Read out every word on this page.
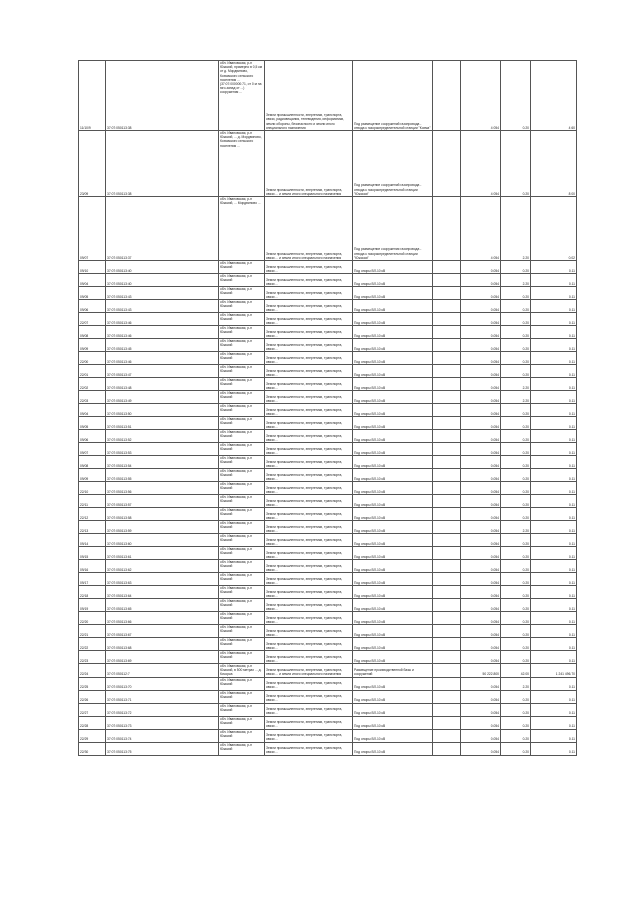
11/10/9	37:07:050113:38	обл. Ивановская, р-н Южский, примерно в 0,5 км от д. Мордвиново, Кохмаского сельского поселения ... (37:07:000000:71, от 0 м на юго-запад от ...) сооружения ...	Земли промышленности, энергетики, транспорта, связи, радиовещания, телевидения, информатики, земли обороны, безопасности и земли иного специального назначения	Под размещение сооружений газопровода - отвода к газораспределительной станции "Кохма"		4 054	0.20	4 60
23/09	37:07:050113:38	обл. Ивановская, р-н Южский, ... д. Мордвиново, Кохмаского сельского поселения ...	Земли промышленности, энергетики, транспорта, связи ... и земли иного специального назначения	Под размещение сооружений газопровода - отвода к газораспределительной станции "Южская"		4 054	0.20	8 00
09/07	37:07:050113:37	обл. Ивановская, р-н Южский, ... Мордвиново ...	Земли промышленности, энергетики, транспорта, связи ... и земли иного специального назначения	Под размещение сооружения газопровода - отвода к газораспределительной станции "Южская"		4 054	2.20	0.02
09/10	37:07:050113:40	обл. Ивановская, р-н Южский	Земли промышленности, энергетики, транспорта, связи ...	Под опоры ВЛ-10 кВ		0.054	0.20	0.11
09/04	37:07:050113:40	обл. Ивановская, р-н Южский	Земли промышленности, энергетики, транспорта, связи ...	Под опоры ВЛ-10 кВ		0.054	2.20	0.11
09/05	37:07:050113:43	обл. Ивановская, р-н Южский	Земли промышленности, энергетики, транспорта, связи ...	Под опоры ВЛ-10 кВ		0.054	0.20	0.11
09/06	37:07:050113:43	обл. Ивановская, р-н Южский	Земли промышленности, энергетики, транспорта, связи ...	Под опоры ВЛ-10 кВ		0.054	0.20	0.11
22/07	37:07:050113:46	обл. Ивановская, р-н Южский	Земли промышленности, энергетики, транспорта, связи ...	Под опоры ВЛ-10 кВ		0.054	0.20	0.11
09/08	37:07:050113:46	обл. Ивановская, р-н Южский	Земли промышленности, энергетики, транспорта, связи ...	Под опоры ВЛ-10 кВ		0.054	0.20	0.11
09/09	37:07:050113:45	обл. Ивановская, р-н Южский	Земли промышленности, энергетики, транспорта, связи ...	Под опоры ВЛ-10 кВ		0.054	0.20	0.11
22/00	37:07:050113:46	обл. Ивановская, р-н Южский	Земли промышленности, энергетики, транспорта, связи ...	Под опоры ВЛ-10 кВ		0.054	0.20	0.11
22/01	37:07:050113:47	обл. Ивановская, р-н Южский	Земли промышленности, энергетики, транспорта, связи ...	Под опоры ВЛ-10 кВ		0.054	0.20	0.11
22/02	37:07:050113:48	обл. Ивановская, р-н Южский	Земли промышленности, энергетики, транспорта, связи ...	Под опоры ВЛ-10 кВ		0.054	2.20	0.11
22/03	37:07:050113:49	обл. Ивановская, р-н Южский	Земли промышленности, энергетики, транспорта, связи ...	Под опоры ВЛ-10 кВ		0.054	2.20	0.11
09/04	37:07:050113:50	обл. Ивановская, р-н Южский	Земли промышленности, энергетики, транспорта, связи ...	Под опоры ВЛ-10 кВ		0.054	0.20	0.11
09/05	37:07:050113:51	обл. Ивановская, р-н Южский	Земли промышленности, энергетики, транспорта, связи ...	Под опоры ВЛ-10 кВ		0.054	0.20	0.11
09/06	37:07:050113:52	обл. Ивановская, р-н Южский	Земли промышленности, энергетики, транспорта, связи ...	Под опоры ВЛ-10 кВ		0.054	0.20	0.11
09/07	37:07:050113:53	обл. Ивановская, р-н Южский	Земли промышленности, энергетики, транспорта, связи ...	Под опоры ВЛ-10 кВ		0.054	0.20	0.11
09/08	37:07:050113:54	обл. Ивановская, р-н Южский	Земли промышленности, энергетики, транспорта, связи ...	Под опоры ВЛ-10 кВ		0.054	0.20	0.11
09/09	37:07:050113:55	обл. Ивановская, р-н Южский	Земли промышленности, энергетики, транспорта, связи ...	Под опоры ВЛ-10 кВ		0.054	0.20	0.11
22/10	37:07:050113:56	обл. Ивановская, р-н Южский	Земли промышленности, энергетики, транспорта, связи ...	Под опоры ВЛ-10 кВ		0.054	0.20	0.11
22/11	37:07:050113:57	обл. Ивановская, р-н Южский	Земли промышленности, энергетики, транспорта, связи ...	Под опоры ВЛ-10 кВ		0.054	0.20	0.11
22/12	37:07:050113:58	обл. Ивановская, р-н Южский	Земли промышленности, энергетики, транспорта, связи ...	Под опоры ВЛ-10 кВ		0.054	0.20	0.11
22/13	37:07:050113:59	обл. Ивановская, р-н Южский	Земли промышленности, энергетики, транспорта, связи ...	Под опоры ВЛ-10 кВ		0.054	2.20	0.11
09/14	37:07:050113:60	обл. Ивановская, р-н Южский	Земли промышленности, энергетики, транспорта, связи ...	Под опоры ВЛ-10 кВ		0.054	0.20	0.11
09/15	37:07:050113:61	обл. Ивановская, р-н Южский	Земли промышленности, энергетики, транспорта, связи ...	Под опоры ВЛ-10 кВ		0.054	0.20	0.11
09/16	37:07:050113:62	обл. Ивановская, р-н Южский	Земли промышленности, энергетики, транспорта, связи ...	Под опоры ВЛ-10 кВ		0.054	0.20	0.11
09/17	37:07:050113:63	обл. Ивановская, р-н Южский	Земли промышленности, энергетики, транспорта, связи ...	Под опоры ВЛ-10 кВ		0.054	0.20	0.11
22/18	37:07:050113:64	обл. Ивановская, р-н Южский	Земли промышленности, энергетики, транспорта, связи ...	Под опоры ВЛ-10 кВ		0.054	0.20	0.11
09/19	37:07:050113:65	обл. Ивановская, р-н Южский	Земли промышленности, энергетики, транспорта, связи ...	Под опоры ВЛ-10 кВ		0.054	0.20	0.11
22/20	37:07:050113:66	обл. Ивановская, р-н Южский	Земли промышленности, энергетики, транспорта, связи ...	Под опоры ВЛ-10 кВ		0.054	0.20	0.11
22/21	37:07:050113:67	обл. Ивановская, р-н Южский	Земли промышленности, энергетики, транспорта, связи ...	Под опоры ВЛ-10 кВ		0.054	0.20	0.11
22/22	37:07:050113:68	обл. Ивановская, р-н Южский	Земли промышленности, энергетики, транспорта, связи ...	Под опоры ВЛ-10 кВ		0.054	0.20	0.11
22/23	37:07:050113:69	обл. Ивановская, р-н Южский	Земли промышленности, энергетики, транспорта, связи ...	Под опоры ВЛ-10 кВ		0.054	0.20	0.11
22/24	37:07:050112:7	обл. Ивановская, р-н Южский, в 500 метрах ... д. Кочорка	Земли промышленности, энергетики, транспорта, связи ... и земли иного специального назначения	Размещение производственной базы и сооружений		50 222.800	42.00	1 241 496.70
22/25	37:07:050113:70	обл. Ивановская, р-н Южский	Земли промышленности, энергетики, транспорта, связи ...	Под опоры ВЛ-10 кВ		0.054	2.20	0.11
22/26	37:07:050113:71	обл. Ивановская, р-н Южский	Земли промышленности, энергетики, транспорта, связи ...	Под опоры ВЛ-10 кВ		0.054	0.20	0.11
22/27	37:07:050113:72	обл. Ивановская, р-н Южский	Земли промышленности, энергетики, транспорта, связи ...	Под опоры ВЛ-10 кВ		0.054	0.20	0.11
22/28	37:07:050113:73	обл. Ивановская, р-н Южский	Земли промышленности, энергетики, транспорта, связи ...	Под опоры ВЛ-10 кВ		0.054	0.20	0.11
22/29	37:07:050113:74	обл. Ивановская, р-н Южский	Земли промышленности, энергетики, транспорта, связи ...	Под опоры ВЛ-10 кВ		0.054	0.20	0.11
22/30	37:07:050113:75	обл. Ивановская, р-н Южский	Земли промышленности, энергетики, транспорта, связи ...	Под опоры ВЛ-10 кВ		0.054	0.20	0.11
